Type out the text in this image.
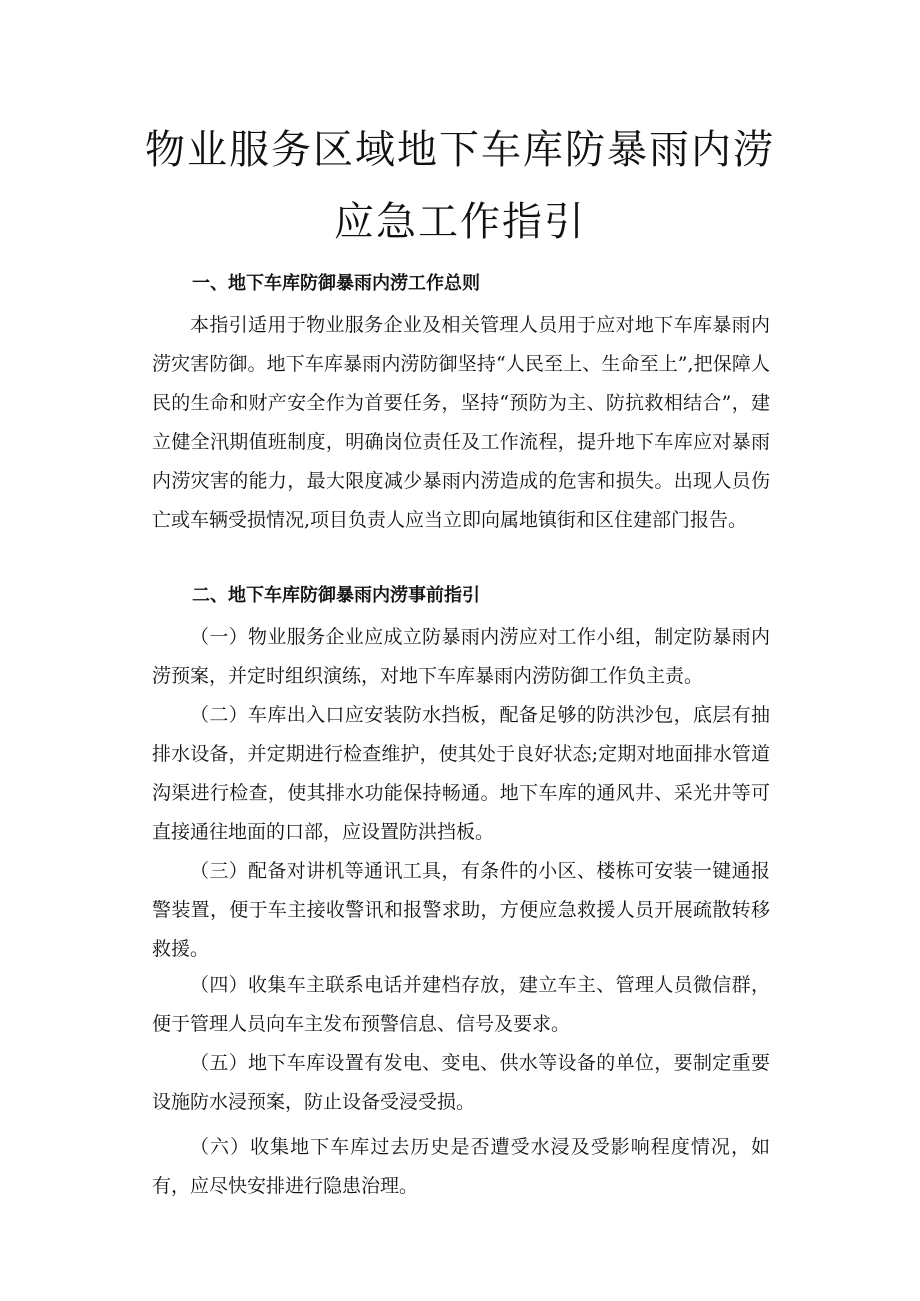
物业服务区域地下车库防暴雨内涝
应急工作指引
一、地下车库防御暴雨内涝工作总则

本指引适用于物业服务企业及相关管理人员用于应对地下车库暴雨内涝灾害防御。地下车库暴雨内涝防御坚持“人民至上、生命至上”,把保障人民的生命和财产安全作为首要任务，坚持“预防为主、防抗救相结合”，建立健全汛期值班制度，明确岗位责任及工作流程，提升地下车库应对暴雨内涝灾害的能力，最大限度减少暴雨内涝造成的危害和损失。出现人员伤亡或车辆受损情况,项目负责人应当立即向属地镇街和区住建部门报告。

二、地下车库防御暴雨内涝事前指引

（一）物业服务企业应成立防暴雨内涝应对工作小组，制定防暴雨内涝预案，并定时组织演练，对地下车库暴雨内涝防御工作负主责。

（二）车库出入口应安装防水挡板，配备足够的防洪沙包，底层有抽排水设备，并定期进行检查维护，使其处于良好状态;定期对地面排水管道沟渠进行检查，使其排水功能保持畅通。地下车库的通风井、采光井等可直接通往地面的口部，应设置防洪挡板。

（三）配备对讲机等通讯工具，有条件的小区、楼栋可安装一键通报警装置，便于车主接收警讯和报警求助，方便应急救援人员开展疏散转移救援。

（四）收集车主联系电话并建档存放，建立车主、管理人员微信群，便于管理人员向车主发布预警信息、信号及要求。

（五）地下车库设置有发电、变电、供水等设备的单位，要制定重要设施防水浸预案，防止设备受浸受损。

（六）收集地下车库过去历史是否遭受水浸及受影响程度情况，如有，应尽快安排进行隐患治理。
